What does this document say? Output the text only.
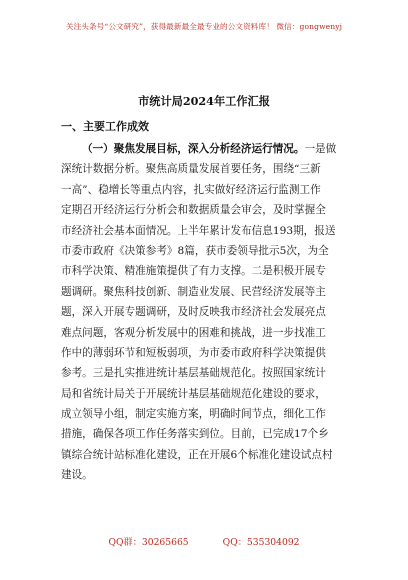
关注头条号“公文研究”，获得最新最全最专业的公文资料库！ 微信：gongwenyj
市统计局2024年工作汇报
一、主要工作成效
（一）聚焦发展目标，深入分析经济运行情况。一是做
深统计数据分析。聚焦高质量发展首要任务，围绕“三新
一高”、稳增长等重点内容，扎实做好经济运行监测工作
定期召开经济运行分析会和数据质量会审会，及时掌握全
市经济社会基本面情况。上半年累计发布信息193期，报送
市委市政府《决策参考》8篇，获市委领导批示5次，为全
市科学决策、精准施策提供了有力支撑。二是积极开展专
题调研。聚焦科技创新、制造业发展、民营经济发展等主
题，深入开展专题调研，及时反映我市经济社会发展亮点
难点问题，客观分析发展中的困难和挑战，进一步找准工
作中的薄弱环节和短板弱项，为市委市政府科学决策提供
参考。三是扎实推进统计基层基础规范化。按照国家统计
局和省统计局关于开展统计基层基础规范化建设的要求，
成立领导小组，制定实施方案，明确时间节点，细化工作
措施，确保各项工作任务落实到位。目前，已完成17个乡
镇综合统计站标准化建设，正在开展6个标准化建设试点村
建设。
QQ群：30265665	QQ：535304092
